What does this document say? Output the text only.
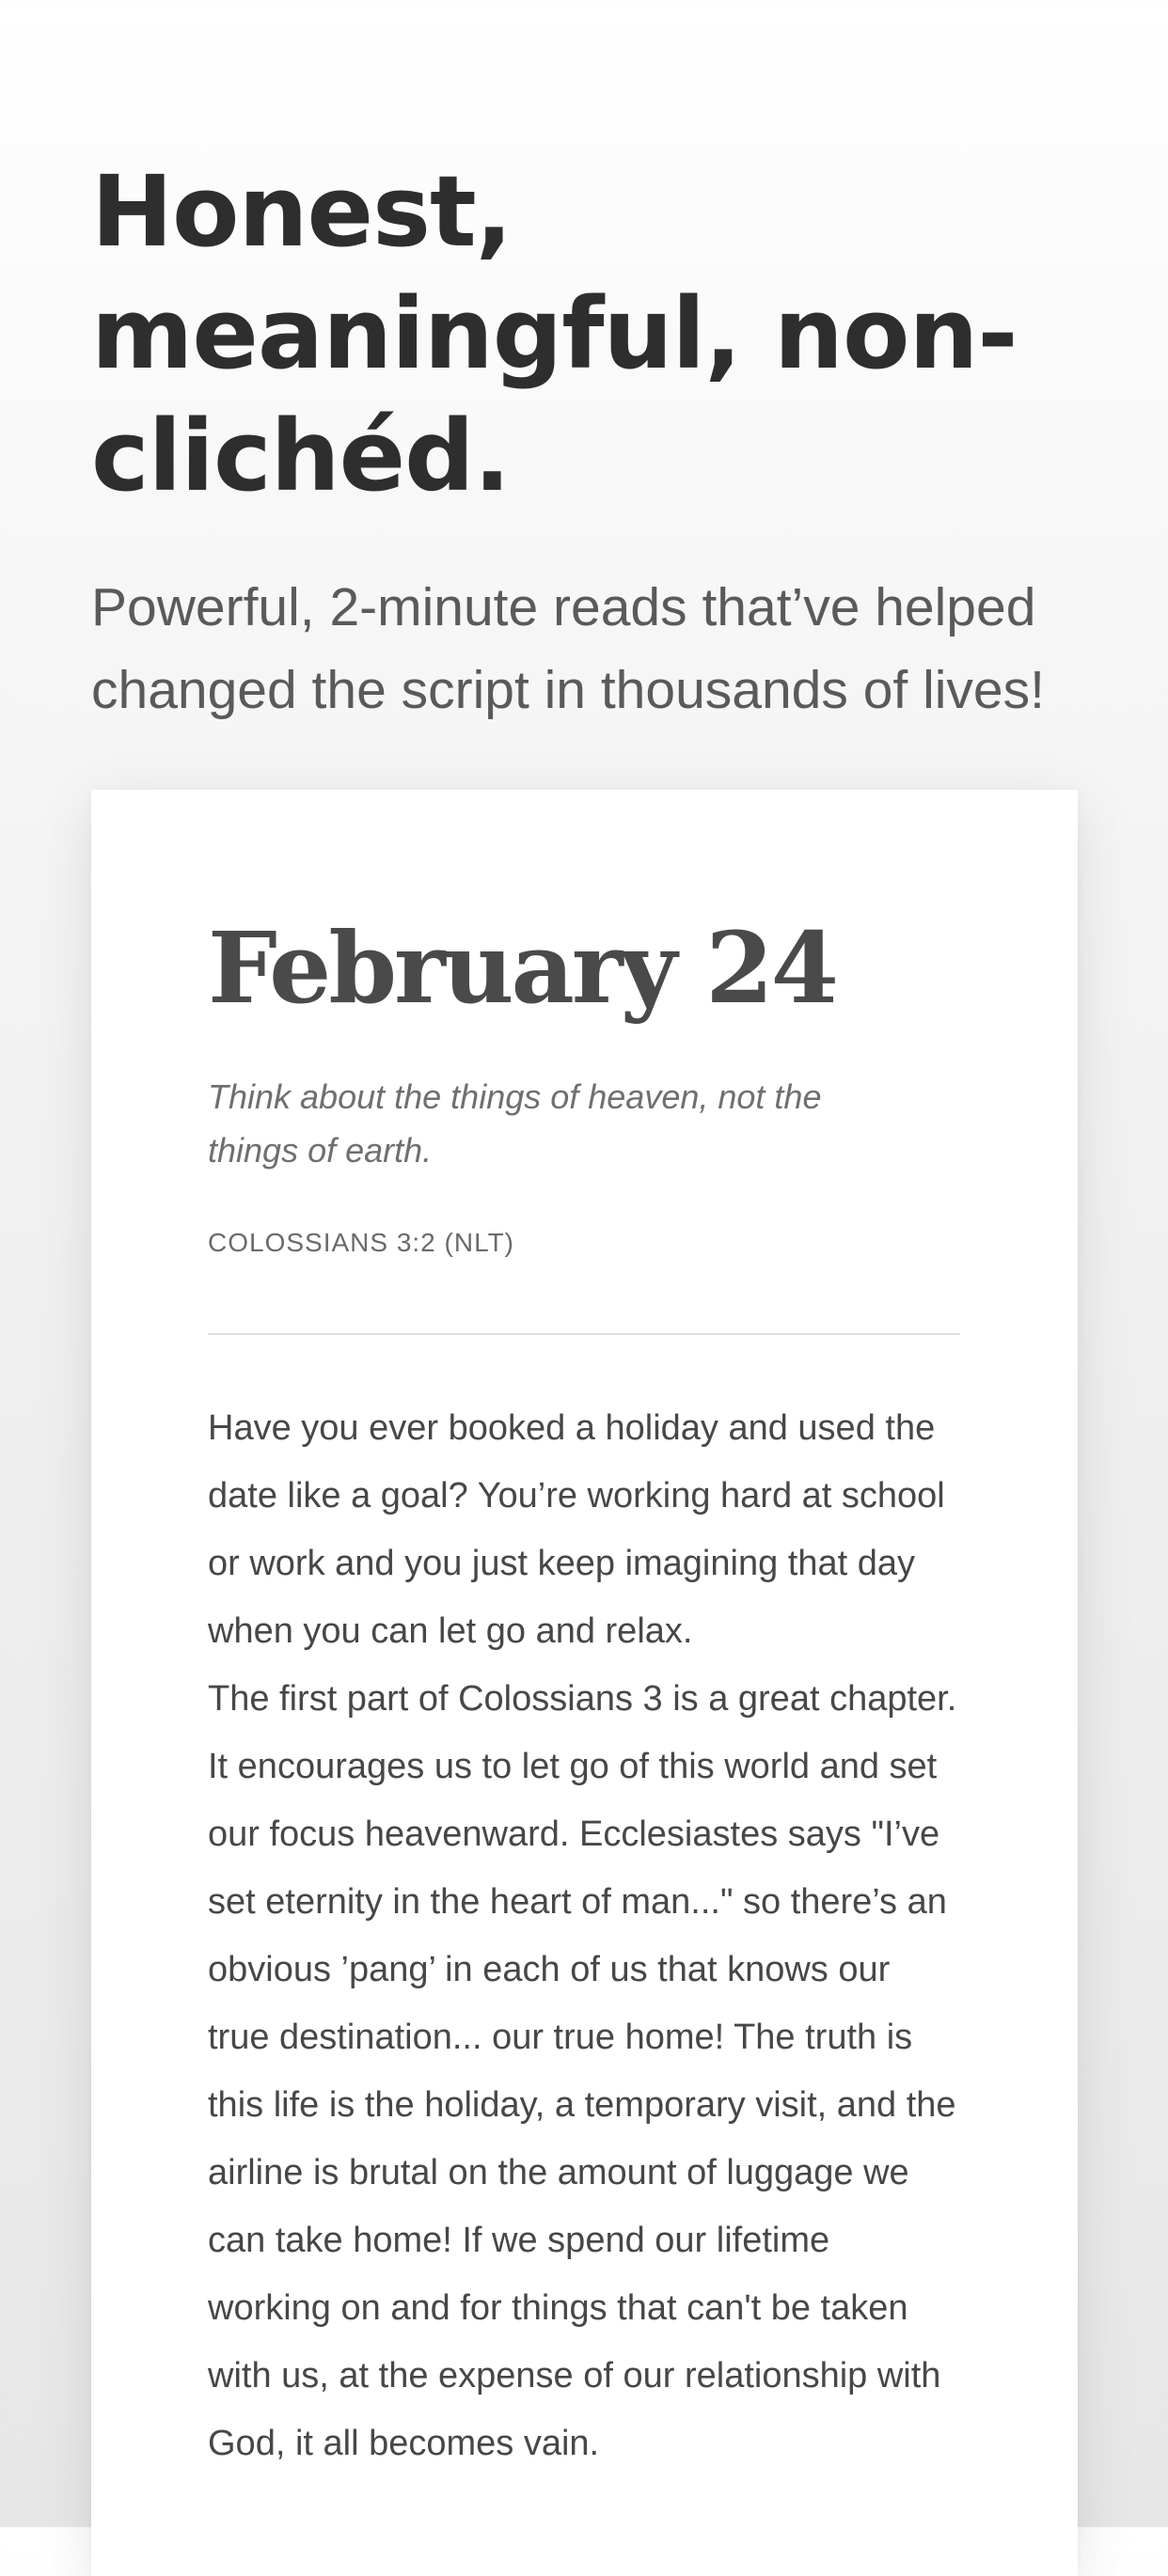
Honest, meaningful, non-clichéd.

Powerful, 2-minute reads that’ve helped changed the script in thousands of lives!

February 24

Think about the things of heaven, not the things of earth.

COLOSSIANS 3:2 (NLT)

Have you ever booked a holiday and used the date like a goal? You’re working hard at school or work and you just keep imagining that day when you can let go and relax.

The first part of Colossians 3 is a great chapter. It encourages us to let go of this world and set our focus heavenward. Ecclesiastes says "I’ve set eternity in the heart of man..." so there’s an obvious ’pang’ in each of us that knows our true destination... our true home! The truth is this life is the holiday, a temporary visit, and the airline is brutal on the amount of luggage we can take home! If we spend our lifetime working on and for things that can't be taken with us, at the expense of our relationship with God, it all becomes vain.
